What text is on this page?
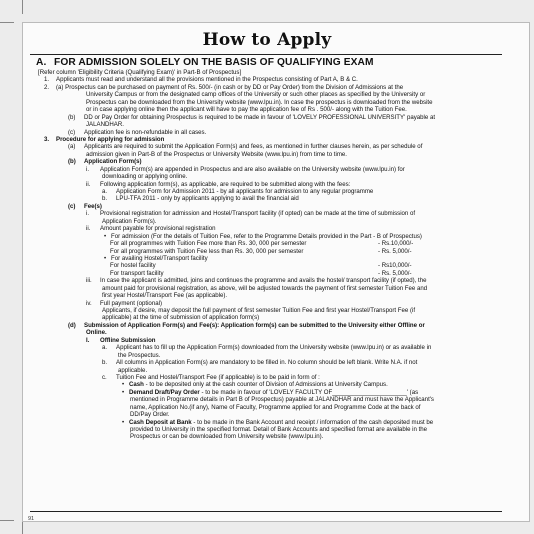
How to Apply
A. FOR ADMISSION SOLELY ON THE BASIS OF QUALIFYING EXAM
[Refer column 'Eligibility Criteria (Qualifying Exam)' in Part-B of Prospectus]
1. Applicants must read and understand all the provisions mentioned in the Prospectus consisting of Part A, B & C.
2. (a) Prospectus can be purchased on payment of Rs. 500/- (in cash or by DD or Pay Order) from the Division of Admissions at the
University Campus or from the designated camp offices of the University or such other places as specified by the University or
Prospectus can be downloaded from the University website (www.lpu.in). In case the prospectus is downloaded from the website
or in case applying online then the applicant will have to pay the application fee of Rs . 500/- along with the Tuition Fee.
(b) DD or Pay Order for obtaining Prospectus is required to be made in favour of 'LOVELY PROFESSIONAL UNIVERSITY' payable at
JALANDHAR.
(c) Application fee is non-refundable in all cases.
3. Procedure for applying for admission
(a) Applicants are required to submit the Application Form(s) and fees, as mentioned in further clauses herein, as per schedule of
admission given in Part-B of the Prospectus or University Website (www.lpu.in) from time to time.
(b) Application Form(s)
i. Application Form(s) are appended in Prospectus and are also available on the University website (www.lpu.in) for
downloading or applying online.
ii. Following application form(s), as applicable, are required to be submitted along with the fees:
a. Application Form for Admission 2011 - by all applicants for admission to any regular programme
b. LPU-TFA 2011 - only by applicants applying to avail the financial aid
(c) Fee(s)
i. Provisional registration for admission and Hostel/Transport facility (if opted) can be made at the time of submission of
Application Form(s).
ii. Amount payable for provisional registration
• For admission (For the details of Tuition Fee, refer to the Programme Details provided in the Part - B of Prospectus)
For all programmes with Tuition Fee more than Rs. 30, 000 per semester	- Rs.10,000/-
For all programmes with Tuition Fee less than Rs. 30, 000 per semester	- Rs. 5,000/-
• For availing Hostel/Transport facility
For hostel facility	- Rs10,000/-
For transport facility	- Rs. 5,000/-
iii. In case the applicant is admitted, joins and continues the programme and avails the hostel/ transport facility (if opted), the
amount paid for provisional registration, as above, will be adjusted towards the payment of first semester Tuition Fee and
first year Hostel/Transport Fee (as applicable).
iv. Full payment (optional)
Applicants, if desire, may deposit the full payment of first semester Tuition Fee and first year Hostel/Transport Fee (if
applicable) at the time of submission of application form(s)
(d) Submission of Application Form(s) and Fee(s): Application form(s) can be submitted to the University either Offline or
Online.
I. Offline Submission
a. Applicant has to fill up the Application Form(s) downloaded from the University website (www.lpu.in) or as available in
the Prospectus.
b. All columns in Application Form(s) are mandatory to be filled in. No column should be left blank. Write N.A. if not
applicable.
c. Tuition Fee and Hostel/Transport Fee (if applicable) is to be paid in form of :
• Cash - to be deposited only at the cash counter of Division of Admissions at University Campus.
• Demand Draft/Pay Order - to be made in favour of 'LOVELY FACULTY OF______________________' (as
mentioned in Programme details in Part B of Prospectus) payable at JALANDHAR and must have the Applicant's
name, Application No.(if any), Name of Faculty, Programme applied for and Programme Code at the back of
DD/Pay Order.
• Cash Deposit at Bank - to be made in the Bank Account and receipt / information of the cash deposited must be
provided to University in the specified format. Detail of Bank Accounts and specified format are available in the
Prospectus or can be downloaded from University website (www.lpu.in).
91
